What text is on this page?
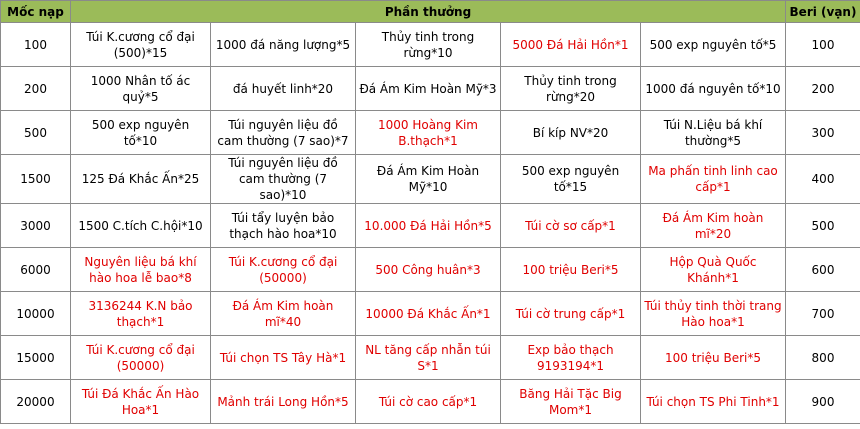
Mốc nạp	Phần thưởng					Beri (vạn)
100	Túi K.cương cổ đại (500)*15	1000 đá năng lượng*5	Thủy tinh trong rừng*10	5000 Đá Hải Hồn*1	500 exp nguyên tố*5	100
200	1000 Nhân tố ác quỷ*5	đá huyết linh*20	Đá Ám Kim Hoàn Mỹ*3	Thủy tinh trong rừng*20	1000 đá nguyên tố*10	200
500	500 exp nguyên tố*10	Túi nguyên liệu đồ cam thường (7 sao)*7	1000 Hoàng Kim B.thạch*1	Bí kíp NV*20	Túi N.Liệu bá khí thường*5	300
1500	125 Đá Khắc Ấn*25	Túi nguyên liệu đồ cam thường (7 sao)*10	Đá Ám Kim Hoàn Mỹ*10	500 exp nguyên tố*15	Ma phấn tinh linh cao cấp*1	400
3000	1500 C.tích C.hội*10	Túi tẩy luyện bảo thạch hào hoa*10	10.000 Đá Hải Hồn*5	Túi cờ sơ cấp*1	Đá Ám Kim hoàn mĩ*20	500
6000	Nguyên liệu bá khí hào hoa lễ bao*8	Túi K.cương cổ đại (50000)	500 Công huân*3	100 triệu Beri*5	Hộp Quà Quốc Khánh*1	600
10000	3136244 K.N bảo thạch*1	Đá Ám Kim hoàn mĩ*40	10000 Đá Khắc Ấn*1	Túi cờ trung cấp*1	Túi thủy tinh thời trang Hào hoa*1	700
15000	Túi K.cương cổ đại (50000)	Túi chọn TS Tây Hà*1	NL tăng cấp nhẫn túi S*1	Exp bảo thạch 9193194*1	100 triệu Beri*5	800
20000	Túi Đá Khắc Ấn Hào Hoa*1	Mảnh trái Long Hồn*5	Túi cờ cao cấp*1	Băng Hải Tặc Big Mom*1	Túi chọn TS Phi Tinh*1	900
